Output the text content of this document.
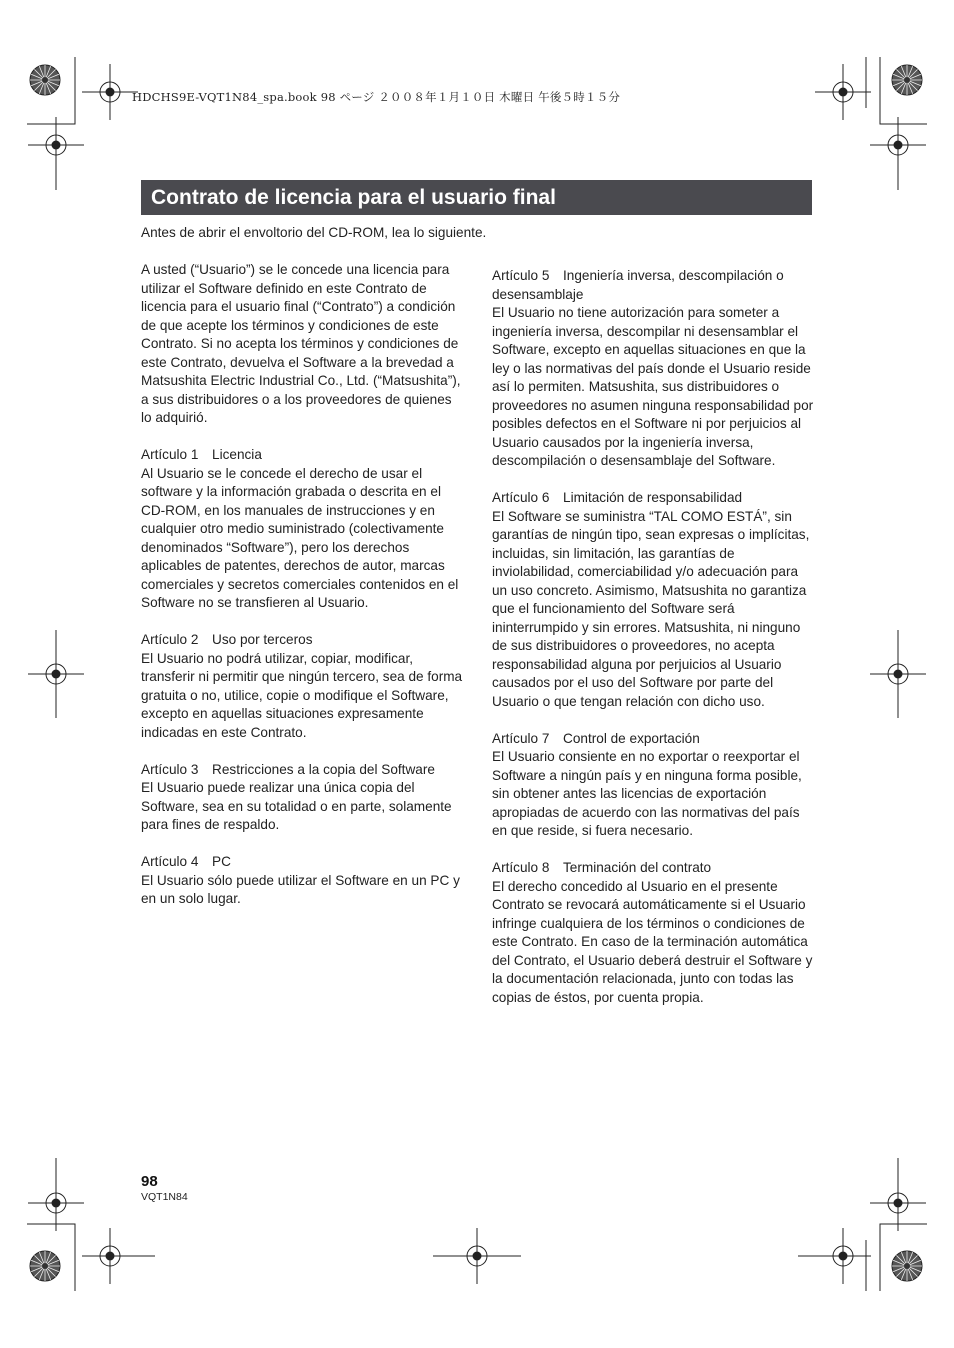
HDCHS9E-VQT1N84_spa.book 98 ページ ２００８年１月１０日 木曜日 午後５時１５分
Contrato de licencia para el usuario final

Antes de abrir el envoltorio del CD-ROM, lea lo siguiente.

A usted (“Usuario”) se le concede una licencia para utilizar el Software definido en este Contrato de licencia para el usuario final (“Contrato”) a condición de que acepte los términos y condiciones de este Contrato. Si no acepta los términos y condiciones de este Contrato, devuelva el Software a la brevedad a Matsushita Electric Industrial Co., Ltd. (“Matsushita”), a sus distribuidores o a los proveedores de quienes lo adquirió.

Artículo 1　Licencia
Al Usuario se le concede el derecho de usar el software y la información grabada o descrita en el CD-ROM, en los manuales de instrucciones y en cualquier otro medio suministrado (colectivamente denominados “Software”), pero los derechos aplicables de patentes, derechos de autor, marcas comerciales y secretos comerciales contenidos en el Software no se transfieren al Usuario.

Artículo 2　Uso por terceros
El Usuario no podrá utilizar, copiar, modificar, transferir ni permitir que ningún tercero, sea de forma gratuita o no, utilice, copie o modifique el Software, excepto en aquellas situaciones expresamente indicadas en este Contrato.

Artículo 3　Restricciones a la copia del Software
El Usuario puede realizar una única copia del Software, sea en su totalidad o en parte, solamente para fines de respaldo.

Artículo 4　PC
El Usuario sólo puede utilizar el Software en un PC y en un solo lugar.

Artículo 5　Ingeniería inversa, descompilación o desensamblaje
El Usuario no tiene autorización para someter a ingeniería inversa, descompilar ni desensamblar el Software, excepto en aquellas situaciones en que la ley o las normativas del país donde el Usuario reside así lo permiten. Matsushita, sus distribuidores o proveedores no asumen ninguna responsabilidad por posibles defectos en el Software ni por perjuicios al Usuario causados por la ingeniería inversa, descompilación o desensamblaje del Software.

Artículo 6　Limitación de responsabilidad
El Software se suministra “TAL COMO ESTÁ”, sin garantías de ningún tipo, sean expresas o implícitas, incluidas, sin limitación, las garantías de inviolabilidad, comerciabilidad y/o adecuación para un uso concreto. Asimismo, Matsushita no garantiza que el funcionamiento del Software será ininterrumpido y sin errores. Matsushita, ni ninguno de sus distribuidores o proveedores, no acepta responsabilidad alguna por perjuicios al Usuario causados por el uso del Software por parte del Usuario o que tengan relación con dicho uso.

Artículo 7　Control de exportación
El Usuario consiente en no exportar o reexportar el Software a ningún país y en ninguna forma posible, sin obtener antes las licencias de exportación apropiadas de acuerdo con las normativas del país en que reside, si fuera necesario.

Artículo 8　Terminación del contrato
El derecho concedido al Usuario en el presente Contrato se revocará automáticamente si el Usuario infringe cualquiera de los términos o condiciones de este Contrato. En caso de la terminación automática del Contrato, el Usuario deberá destruir el Software y la documentación relacionada, junto con todas las copias de éstos, por cuenta propia.

98
VQT1N84
